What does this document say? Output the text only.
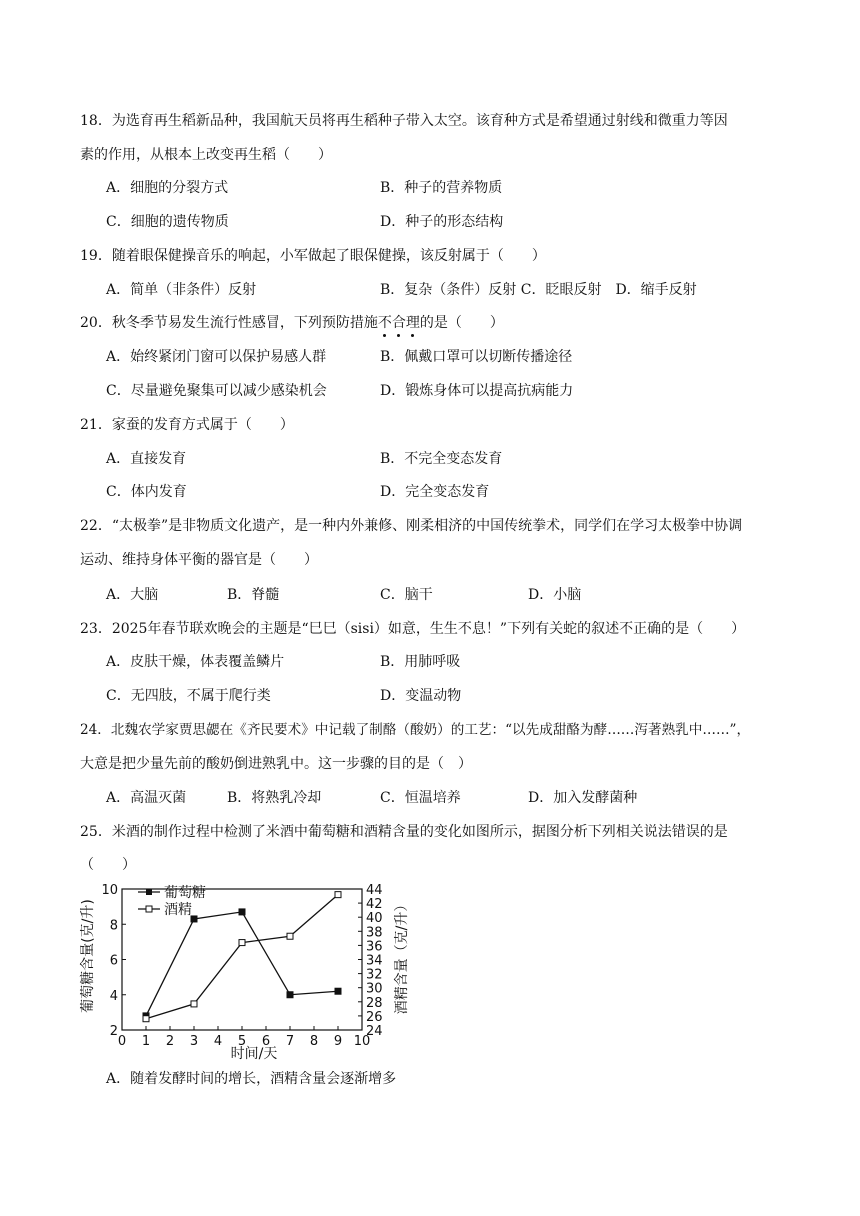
18．为选育再生稻新品种，我国航天员将再生稻种子带入太空。该育种方式是希望通过射线和微重力等因
素的作用，从根本上改变再生稻（　　）
A．细胞的分裂方式	B．种子的营养物质
C．细胞的遗传物质	D．种子的形态结构
19．随着眼保健操音乐的响起，小军做起了眼保健操，该反射属于（　　）
A．简单（非条件）反射	B．复杂（条件）反射 C．眨眼反射　D．缩手反射
20．秋冬季节易发生流行性感冒，下列预防措施不
合
理
的是（　　）
A．始终紧闭门窗可以保护易感人群	B．佩戴口罩可以切断传播途径
C．尽量避免聚集可以减少感染机会	D．锻炼身体可以提高抗病能力
21．家蚕的发育方式属于（　　）
A．直接发育	B．不完全变态发育
C．体内发育	D．完全变态发育
22．“太极拳”是非物质文化遗产，是一种内外兼修、刚柔相济的中国传统拳术，同学们在学习太极拳中协调
运动、维持身体平衡的器官是（　　）
A．大脑	B．脊髓	C．脑干	D．小脑
23．2025年春节联欢晚会的主题是“巳巳（sisi）如意，生生不息！”下列有关蛇的叙述不正确的是（　　）
A．皮肤干燥，体表覆盖鳞片	B．用肺呼吸
C．无四肢，不属于爬行类	D．变温动物
24．北魏农学家贾思勰在《齐民要术》中记载了制酪（酸奶）的工艺：“以先成甜酪为酵……泻著熟乳中……”，
大意是把少量先前的酸奶倒进熟乳中。这一步骤的目的是（　）
A．高温灭菌	B．将熟乳冷却	C．恒温培养	D．加入发酵菌种
25．米酒的制作过程中检测了米酒中葡萄糖和酒精含量的变化如图所示，据图分析下列相关说法错误的是
（　　）
0 1 2 3 4 5 6 7 8 9 10
2
4
6
8
10
24
26
28
30
32
34
36
38
40
42
44
葡萄糖
酒精
时间/天
葡萄糖含量(克/升)	酒精含量（克/升）
A．随着发酵时间的增长，酒精含量会逐渐增多
